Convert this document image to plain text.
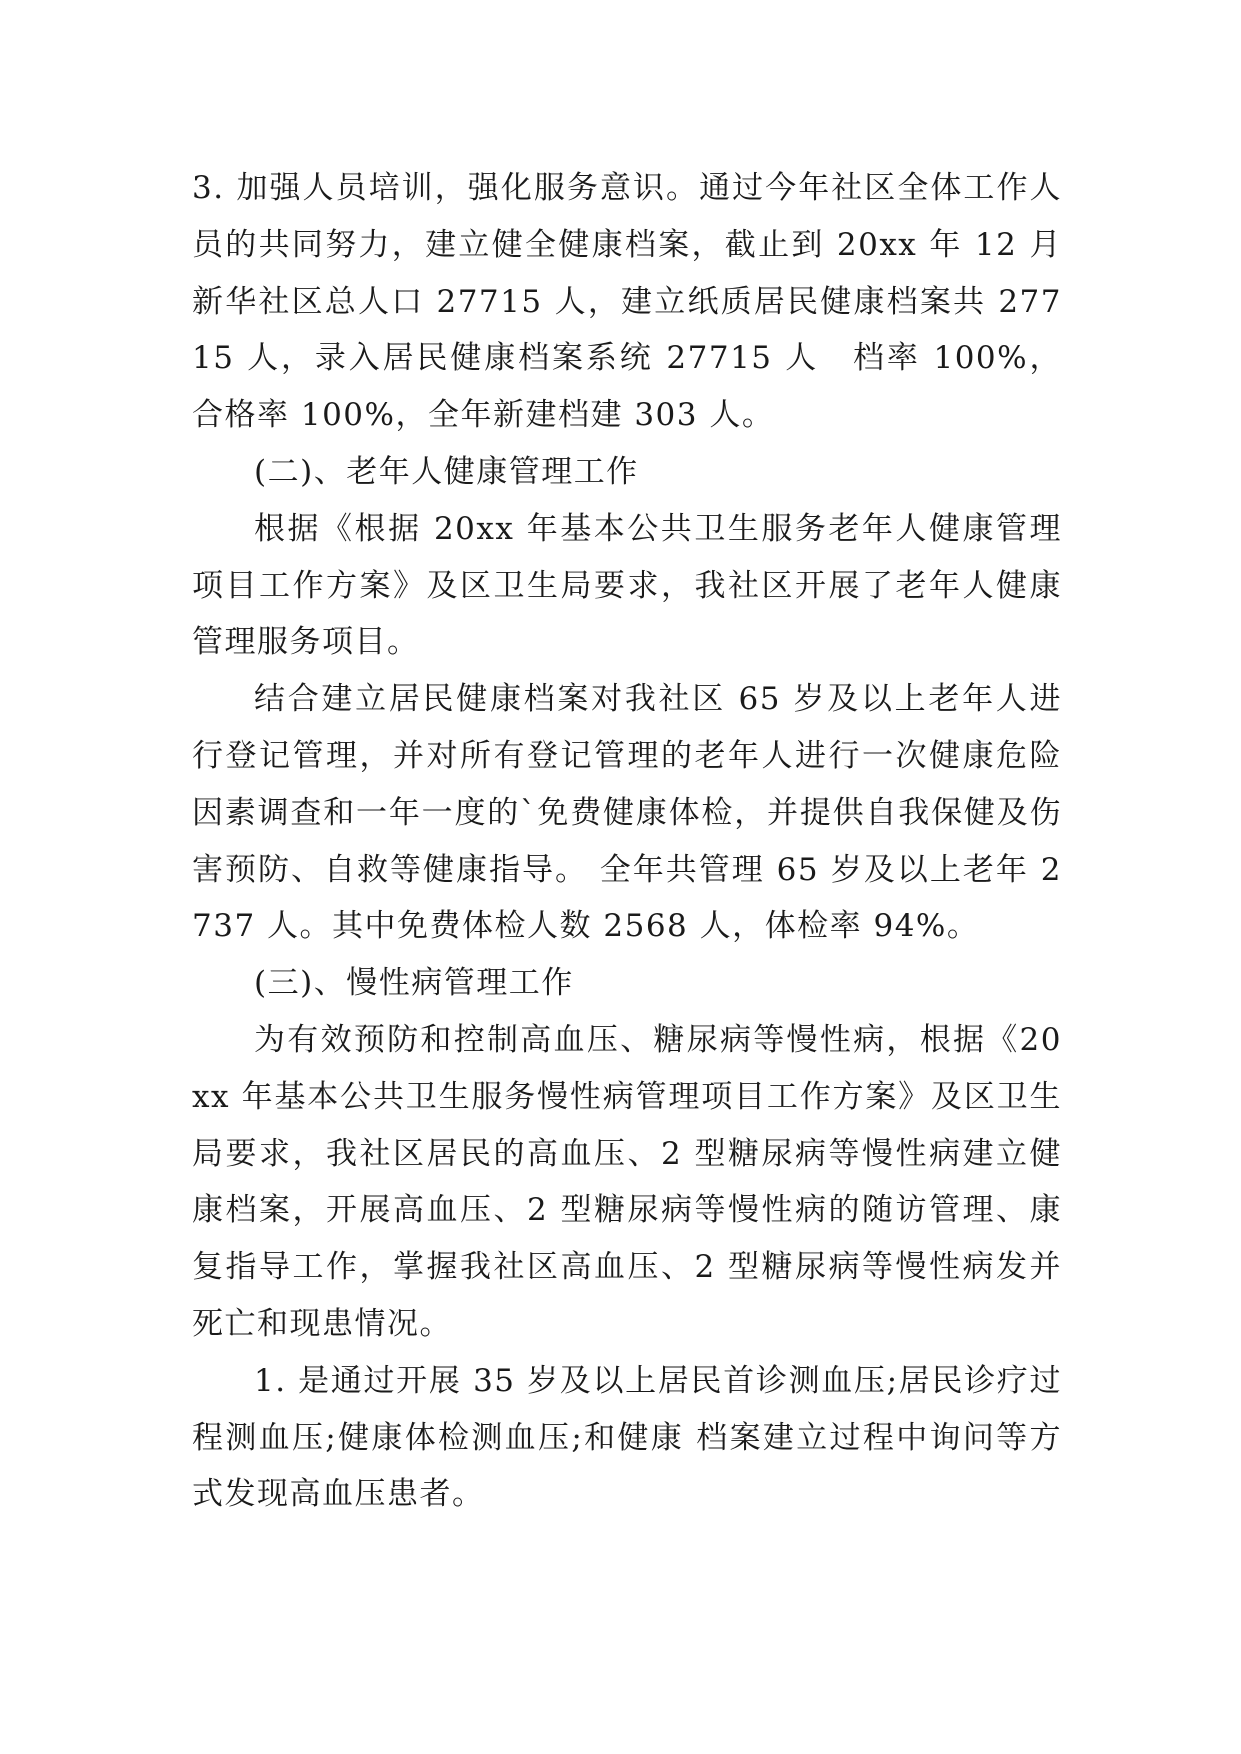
3. 加强人员培训，强化服务意识。通过今年社区全体工作人员的共同努力，建立健全健康档案，截止到 20xx 年 12 月新华社区总人口 27715 人，建立纸质居民健康档案共 27715 人，录入居民健康档案系统 27715 人　档率 100%，合格率 100%，全年新建档建 303 人。

(二)、老年人健康管理工作

根据《根据 20xx 年基本公共卫生服务老年人健康管理项目工作方案》及区卫生局要求，我社区开展了老年人健康管理服务项目。

结合建立居民健康档案对我社区 65 岁及以上老年人进行登记管理，并对所有登记管理的老年人进行一次健康危险因素调查和一年一度的`免费健康体检，并提供自我保健及伤害预防、自救等健康指导。 全年共管理 65 岁及以上老年 2737 人。其中免费体检人数 2568 人，体检率 94%。

(三)、慢性病管理工作

为有效预防和控制高血压、糖尿病等慢性病，根据《20xx 年基本公共卫生服务慢性病管理项目工作方案》及区卫生局要求，我社区居民的高血压、2 型糖尿病等慢性病建立健康档案，开展高血压、2 型糖尿病等慢性病的随访管理、康复指导工作，掌握我社区高血压、2 型糖尿病等慢性病发并死亡和现患情况。

1. 是通过开展 35 岁及以上居民首诊测血压;居民诊疗过程测血压;健康体检测血压;和健康 档案建立过程中询问等方式发现高血压患者。
